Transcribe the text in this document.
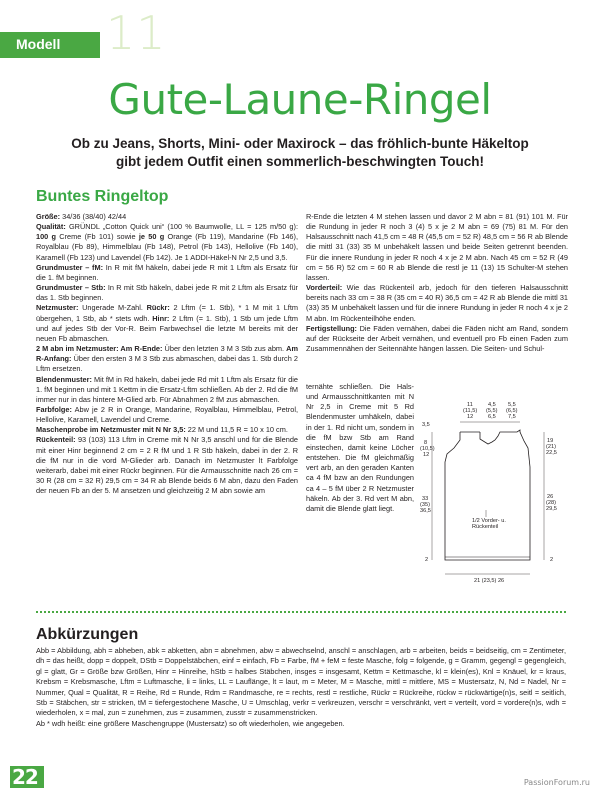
Modell 11
Gute-Laune-Ringel
Ob zu Jeans, Shorts, Mini- oder Maxirock – das fröhlich-bunte Häkeltop
gibt jedem Outfit einen sommerlich-beschwingten Touch!
Buntes Ringeltop

Größe: 34/36 (38/40) 42/44

Qualität: GRÜNDL „Cotton Quick uni“ (100 % Baumwolle, LL = 125 m/50 g): 100 g Creme (Fb 101) sowie je 50 g Orange (Fb 119), Mandarine (Fb 146), Royalblau (Fb 89), Himmelblau (Fb 148), Petrol (Fb 143), Hellolive (Fb 140), Karamell (Fb 123) und Lavendel (Fb 142). Je 1 ADDI-Häkel-N Nr 2,5 und 3,5.

Grundmuster – fM: In R mit fM häkeln, dabei jede R mit 1 Lftm als Ersatz für die 1. fM beginnen.

Grundmuster – Stb: In R mit Stb häkeln, dabei jede R mit 2 Lftm als Ersatz für das 1. Stb beginnen.

Netzmuster: Ungerade M-Zahl. Rückr: 2 Lftm (= 1. Stb), * 1 M mit 1 Lftm übergehen, 1 Stb, ab * stets wdh. Hinr: 2 Lftm (= 1. Stb), 1 Stb um jede Lftm und auf jedes Stb der Vor-R. Beim Farbwechsel die letzte M bereits mit der neuen Fb abmaschen.

2 M abn im Netzmuster: Am R-Ende: Über den letzten 3 M 3 Stb zus abm. Am R-Anfang: Über den ersten 3 M 3 Stb zus abmaschen, dabei das 1. Stb durch 2 Lftm ersetzen.

Blendenmuster: Mit fM in Rd häkeln, dabei jede Rd mit 1 Lftm als Ersatz für die 1. fM beginnen und mit 1 Kettm in die Ersatz-Lftm schließen. Ab der 2. Rd die fM immer nur in das hintere M-Glied arb. Für Abnahmen 2 fM zus abmaschen.

Farbfolge: Abw je 2 R in Orange, Mandarine, Royalblau, Himmelblau, Petrol, Hellolive, Karamell, Lavendel und Creme.

Maschenprobe im Netzmuster mit N Nr 3,5: 22 M und 11,5 R = 10 x 10 cm.

Rückenteil: 93 (103) 113 Lftm in Creme mit N Nr 3,5 anschl und für die Blende mit einer Hinr beginnend 2 cm = 2 R fM und 1 R Stb häkeln, dabei in der 2. R die fM nur in die vord M-Glieder arb. Danach im Netzmuster lt Farbfolge weiterarb, dabei mit einer Rückr beginnen. Für die Armausschnitte nach 26 cm = 30 R (28 cm = 32 R) 29,5 cm = 34 R ab Blende beids 6 M abn, dazu den Faden der neuen Fb an der 5. M ansetzen und gleichzeitig 2 M abn sowie am

R-Ende die letzten 4 M stehen lassen und davor 2 M abn = 81 (91) 101 M. Für die Rundung in jeder R noch 3 (4) 5 x je 2 M abn = 69 (75) 81 M. Für den Halsausschnitt nach 41,5 cm = 48 R (45,5 cm = 52 R) 48,5 cm = 56 R ab Blende die mittl 31 (33) 35 M unbehäkelt lassen und beide Seiten getrennt beenden. Für die innere Rundung in jeder R noch 4 x je 2 M abn. Nach 45 cm = 52 R (49 cm = 56 R) 52 cm = 60 R ab Blende die restl je 11 (13) 15 Schulter-M stehen lassen.

Vorderteil: Wie das Rückenteil arb, jedoch für den tieferen Halsausschnitt bereits nach 33 cm = 38 R (35 cm = 40 R) 36,5 cm = 42 R ab Blende die mittl 31 (33) 35 M unbehäkelt lassen und für die innere Rundung in jeder R noch 4 x je 2 M abn. Im Rückenteilhöhe enden.

Fertigstellung: Die Fäden vernähen, dabei die Fäden nicht am Rand, sondern auf der Rückseite der Arbeit vernähen, und eventuell pro Fb einen Faden zum Zusammennähen der Seitennähte hängen lassen. Die Seiten- und Schul-

ternähte schließen. Die Hals- und Armausschnittkanten mit N Nr 2,5 in Creme mit 5 Rd Blendenmuster umhäkeln, dabei in der 1. Rd nicht um, sondern in die fM bzw Stb am Rand einstechen, damit keine Löcher entstehen. Die fM gleichmäßig vert arb, an den geraden Kanten ca 4 fM bzw an den Rundungen ca 4 – 5 fM über 2 R Netzmuster häkeln. Ab der 3. Rd vert M abn, damit die Blende glatt liegt.

11
(11,5)
12
4,5
(5,5)
6,5
5,5
(6,5)
7,5
3,5
8
(10,5)
12
19
(21)
22,5
33
(35)
36,5
26
(28)
29,5
1/2 Vorder- u.
Rückenteil
2	2
21 (23,5) 26
Abkürzungen

Abb = Abbildung, abh = abheben, abk = abketten, abn = abnehmen, abw = abwechselnd, anschl = anschlagen, arb = arbeiten, beids = beidseitig, cm = Zentimeter, dh = das heißt, dopp = doppelt, DStb = Doppelstäbchen, einf = einfach, Fb = Farbe, fM + feM = feste Masche, folg = folgende, g = Gramm, gegengl = gegengleich, gl = glatt, Gr = Größe bzw Größen, Hinr = Hinreihe, hStb = halbes Stäbchen, insges = insgesamt, Kettm = Kettmasche, kl = klein(es), Knl = Knäuel, kr = kraus, Krebsm = Krebsmasche, Lftm = Luftmasche, li = links, LL = Lauflänge, lt = laut, m = Meter, M = Masche, mittl = mittlere, MS = Mustersatz, N, Nd = Nadel, Nr = Nummer, Qual = Qualität, R = Reihe, Rd = Runde, Rdm = Randmasche, re = rechts, restl = restliche, Rückr = Rückreihe, rückw = rückwärtige(n)s, seitl = seitlich, Stb = Stäbchen, str = stricken, tM = tiefergestochene Masche, U = Umschlag, verkr = verkreuzen, verschr = verschränkt, vert = verteilt, vord = vordere(n)s, wdh = wiederholen, x = mal, zun = zunehmen, zus = zusammen, zusstr = zusammenstricken.

Ab * wdh heißt: eine größere Maschengruppe (Mustersatz) so oft wiederholen, wie angegeben.

22	PassionForum.ru
